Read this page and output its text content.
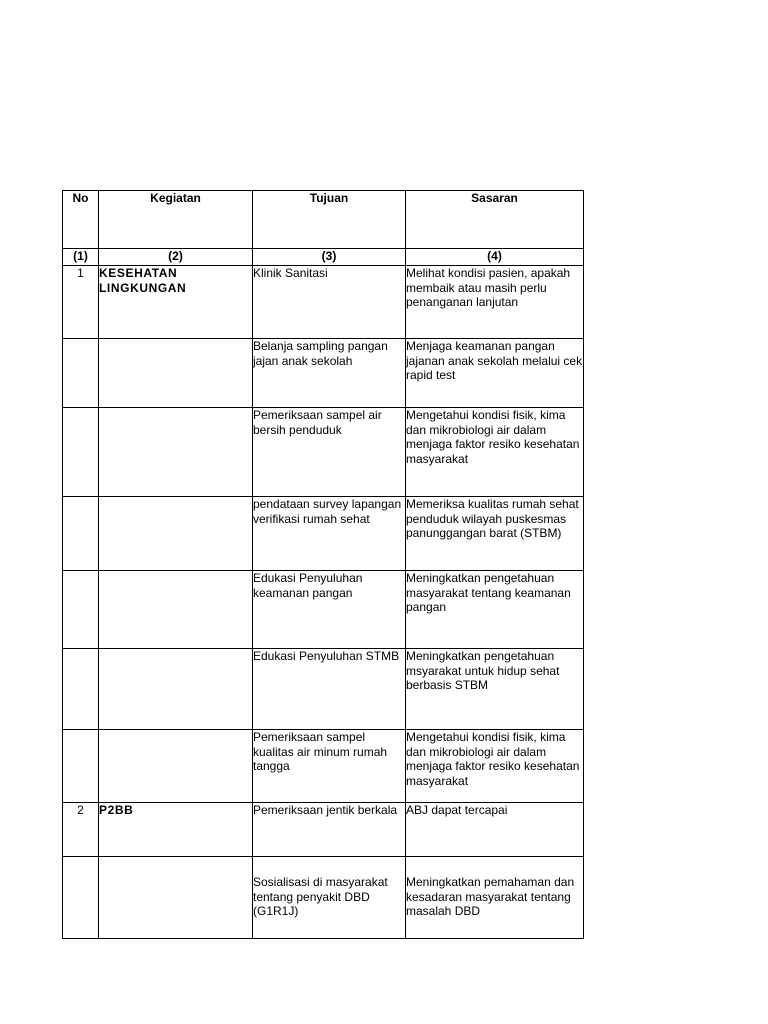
No	Kegiatan	Tujuan	Sasaran
(1)	(2)	(3)	(4)
1	KESEHATAN LINGKUNGAN	Klinik Sanitasi	Melihat kondisi pasien, apakah membaik atau masih perlu penanganan lanjutan
		Belanja sampling pangan jajan anak sekolah	Menjaga keamanan pangan jajanan anak sekolah melalui cek rapid test
		Pemeriksaan sampel air bersih penduduk	Mengetahui kondisi fisik, kima dan mikrobiologi air dalam menjaga faktor resiko kesehatan masyarakat
		pendataan survey lapangan verifikasi rumah sehat	Memeriksa kualitas rumah sehat penduduk wilayah puskesmas panunggangan barat (STBM)
		Edukasi Penyuluhan keamanan pangan	Meningkatkan pengetahuan masyarakat tentang keamanan pangan
		Edukasi Penyuluhan STMB	Meningkatkan pengetahuan msyarakat untuk hidup sehat berbasis STBM
		Pemeriksaan sampel kualitas air minum rumah tangga	Mengetahui kondisi fisik, kima dan mikrobiologi air dalam menjaga faktor resiko kesehatan masyarakat
2	P2BB	Pemeriksaan jentik berkala	ABJ dapat tercapai
		Sosialisasi di masyarakat tentang penyakit DBD (G1R1J)	Meningkatkan pemahaman dan kesadaran masyarakat tentang masalah DBD
